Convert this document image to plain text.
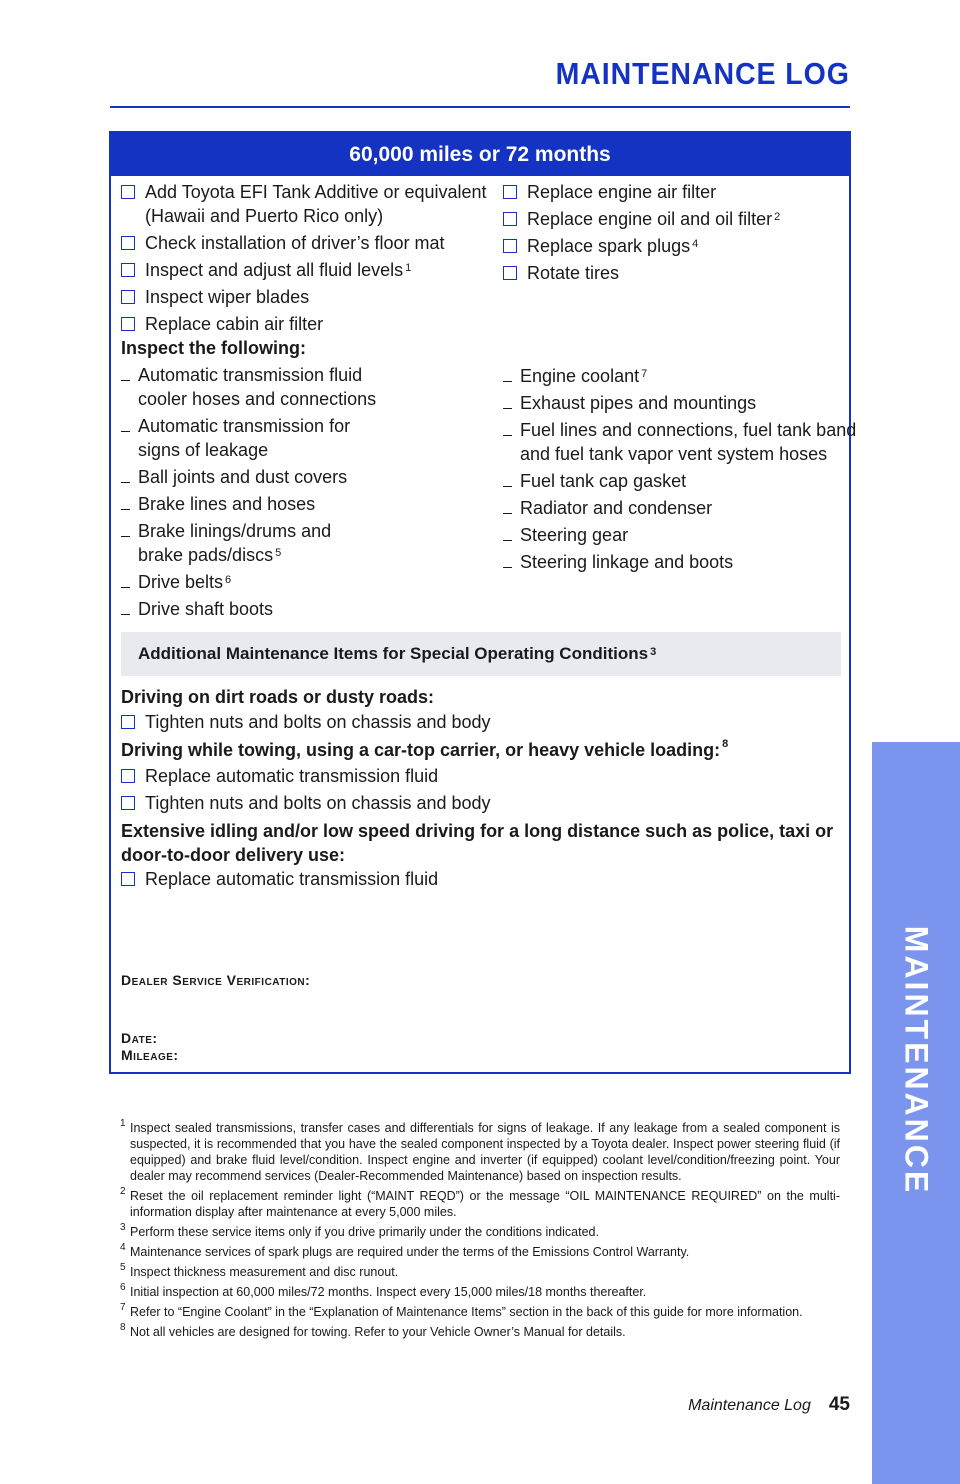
MAINTENANCE LOG
MAINTENANCE
60,000 miles or 72 months
Add Toyota EFI Tank Additive or equivalent
(Hawaii and Puerto Rico only)
Check installation of driver’s floor mat
Inspect and adjust all fluid levels 1
Inspect wiper blades
Replace cabin air filter
Replace engine air filter
Replace engine oil and oil filter 2
Replace spark plugs 4
Rotate tires
Inspect the following:
Automatic transmission fluid
cooler hoses and connections
Automatic transmission for
signs of leakage
Ball joints and dust covers
Brake lines and hoses
Brake linings/drums and
brake pads/discs $^5$
Drive belts 6
Drive shaft boots
Engine coolant 7
Exhaust pipes and mountings
Fuel lines and connections, fuel tank band
and fuel tank vapor vent system hoses
Fuel tank cap gasket
Radiator and condenser
Steering gear
Steering linkage and boots
Additional Maintenance Items for Special Operating Conditions $^3$
Driving on dirt roads or dusty roads:
Tighten nuts and bolts on chassis and body
Driving while towing, using a car-top carrier, or heavy vehicle loading: $^8$
Replace automatic transmission fluid
Tighten nuts and bolts on chassis and body
Extensive idling and/or low speed driving for a long distance such as police, taxi or
door-to-door delivery use:
Replace automatic transmission fluid
Dealer Service Verification:
Date:
Mileage:
1 Inspect sealed transmissions, transfer cases and differentials for signs of leakage. If any leakage from a sealed component is suspected, it is recommended that you have the sealed component inspected by a Toyota dealer. Inspect power steering fluid (if equipped) and brake fluid level/condition. Inspect engine and inverter (if equipped) coolant level/condition/freezing point. Your dealer may recommend services (Dealer-Recommended Maintenance) based on inspection results.
2 Reset the oil replacement reminder light (“MAINT REQD”) or the message “OIL MAINTENANCE REQUIRED” on the multi-information display after maintenance at every 5,000 miles.
3 Perform these service items only if you drive primarily under the conditions indicated.
4 Maintenance services of spark plugs are required under the terms of the Emissions Control Warranty.
5 Inspect thickness measurement and disc runout.
6 Initial inspection at 60,000 miles/72 months. Inspect every 15,000 miles/18 months thereafter.
7 Refer to “Engine Coolant” in the “Explanation of Maintenance Items” section in the back of this guide for more information.
8 Not all vehicles are designed for towing. Refer to your Vehicle Owner’s Manual for details.
Maintenance Log 45
